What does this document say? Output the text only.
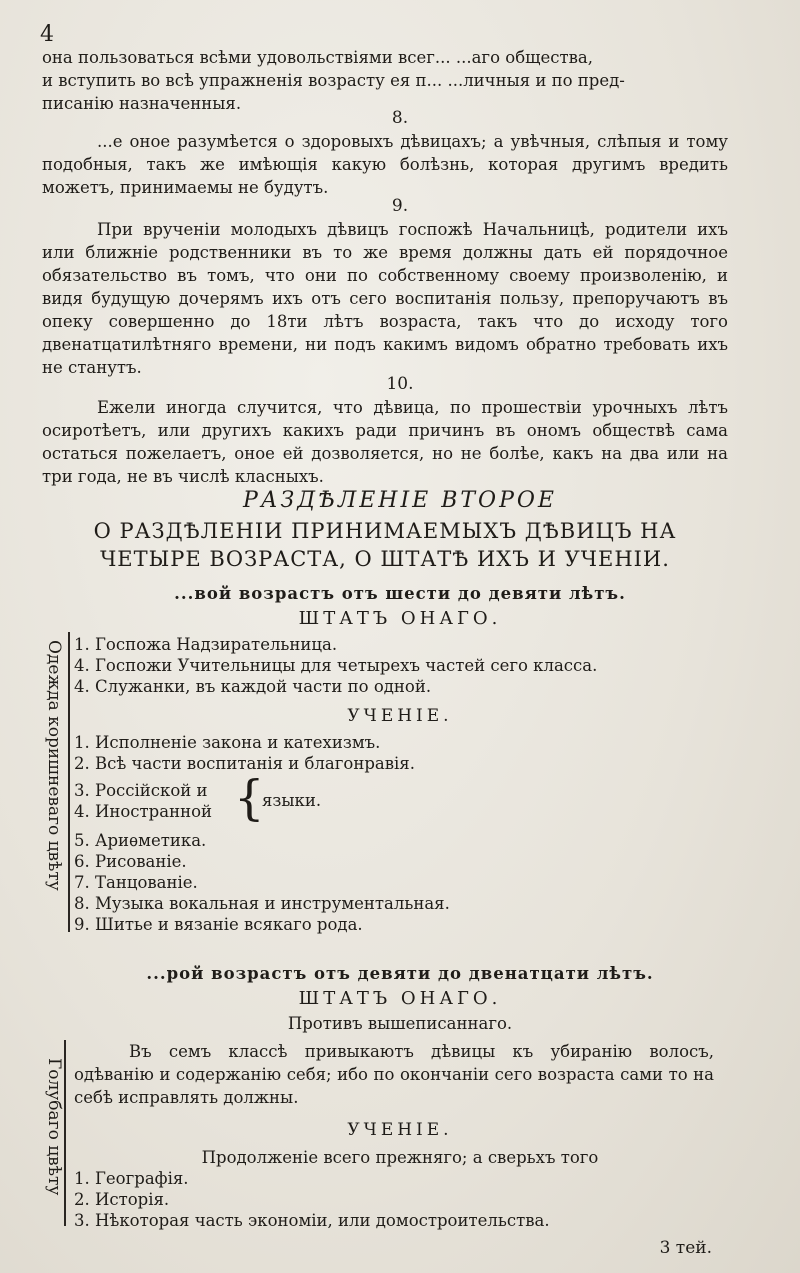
4

она пользоваться всѣми удовольствiями всег... ...аго общества,

и вступить во всѣ упражненiя возрасту ея п... ...личныя и по пред-

писанiю назначенныя.

8.

...е оное разумѣется о здоровыхъ дѣвицахъ; а увѣчныя, слѣпыя и тому подобныя, такъ же имѣющiя какую болѣзнь, которая другимъ вредить можетъ, принимаемы не будутъ.

9.

При врученiи молодыхъ дѣвицъ госпожѣ Начальницѣ, родители ихъ или ближнiе родственники въ то же время должны дать ей порядочное обязательство въ томъ, что они по собственному своему произволенiю, и видя будущую дочерямъ ихъ отъ сего воспитанiя пользу, препоручаютъ въ опеку совершенно до 18ти лѣтъ возраста, такъ что до исходу того двенатцатилѣтняго времени, ни подъ какимъ видомъ обратно требовать ихъ не станутъ.

10.

Ежели иногда случится, что дѣвица, по прошествiи урочныхъ лѣтъ осиротѣетъ, или другихъ какихъ ради причинъ въ ономъ обществѣ сама остаться пожелаетъ, оное ей дозволяется, но не болѣе, какъ на два или на три года, не въ числѣ класныхъ.

РАЗДѢЛЕНIЕ ВТОРОЕ
О РАЗДѢЛЕНIИ ПРИНИМАЕМЫХЪ ДѢВИЦЪ НА ЧЕТЫРЕ ВОЗРАСТА, О ШТАТѢ ИХЪ И УЧЕНIИ.
...вой возрастъ отъ шести до девяти лѣтъ.
ШТАТЪ ОНАГО.
Одежда коришневаго цвѣту 1. Госпожа Надзирательница.
4. Госпожи Учительницы для четырехъ частей сего класса.
4. Служанки, въ каждой части по одной.
УЧЕНIЕ.
1. Исполненiе закона и катехизмъ.
2. Всѣ части воспитанiя и благонравiя.
3. Россiйской и
4. Иностранной {
языки.
5. Ариѳметика.
6. Рисованiе.
7. Танцованiе.
8. Музыка вокальная и инструментальная.
9. Шитье и вязанiе всякаго рода.
...рой возрастъ отъ девяти до двенатцати лѣтъ.
ШТАТЪ ОНАГО.
Противъ вышеписаннаго.
Голубаго цвѣту

Въ семъ классѣ привыкаютъ дѣвицы къ убиранiю волосъ, одѣванiю и содержанiю себя; ибо по окончанiи сего возраста сами то на себѣ исправлять должны.

УЧЕНIЕ.
Продолженiе всего прежняго; а сверьхъ того
1. Географiя.
2. Исторiя.
3. Нѣкоторая часть экономiи, или домостроительства.
3 тей.
